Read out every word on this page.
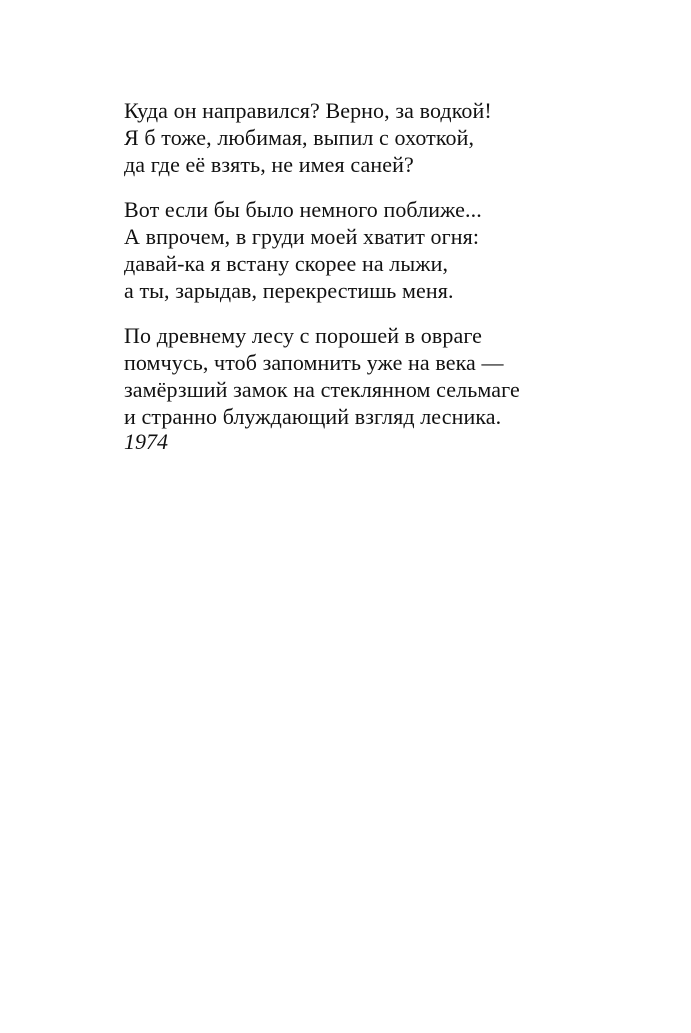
Куда он направился? Верно, за водкой!
Я б тоже, любимая, выпил с охоткой,
да где её взять, не имея саней?
Вот если бы было немного поближе...
А впрочем, в груди моей хватит огня:
давай-ка я встану скорее на лыжи,
а ты, зарыдав, перекрестишь меня.
По древнему лесу с порошей в овраге
помчусь, чтоб запомнить уже на века —
замёрзший замок на стеклянном сельмаге
и странно блуждающий взгляд лесника.
1974
